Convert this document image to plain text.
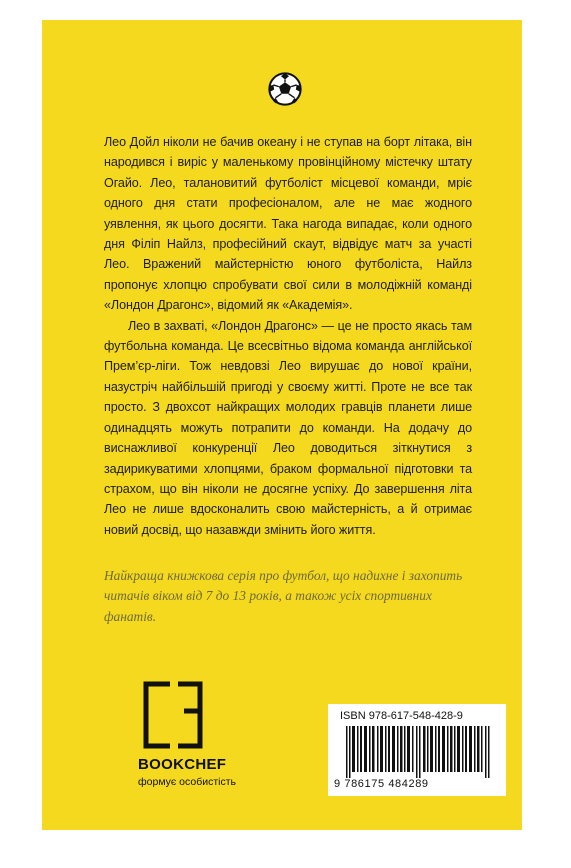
Лео Дойл ніколи не бачив океану і не ступав на борт літака, він народився і виріс у маленькому провінційному містечку штату Огайо. Лео, талановитий футболіст місцевої команди, мріє одного дня стати професіоналом, але не має жодного уявлення, як цього досягти. Така нагода випадає, коли одного дня Філіп Найлз, професійний скаут, відвідує матч за участі Лео. Вражений майстерністю юного футболіста, Найлз пропонує хлопцю спробувати свої сили в молодіжній команді «Лондон Драгонс», відомий як «Академія».

Лео в захваті, «Лондон Драгонс» — це не просто якась там футбольна команда. Це всесвітньо відома команда англійської Прем’єр-ліги. Тож невдовзі Лео вирушає до нової країни, назустріч найбільшій пригоді у своєму житті. Проте не все так просто. З двохсот найкращих молодих гравців планети лише одинадцять можуть потрапити до команди. На додачу до виснажливої конкуренції Лео доводиться зіткнутися з задирикуватими хлопцями, браком формальної підготовки та страхом, що він ніколи не досягне успіху. До завершення літа Лео не лише вдосконалить свою майстерність, а й отримає новий досвід, що назавжди змінить його життя.

Найкраща книжкова серія про футбол, що надихне і захопить читачів віком від 7 до 13 років, а також усіх спортивних фанатів.
BOOKCHEF
формує особистість
ISBN 978-617-548-428-9
9 786175 484289
